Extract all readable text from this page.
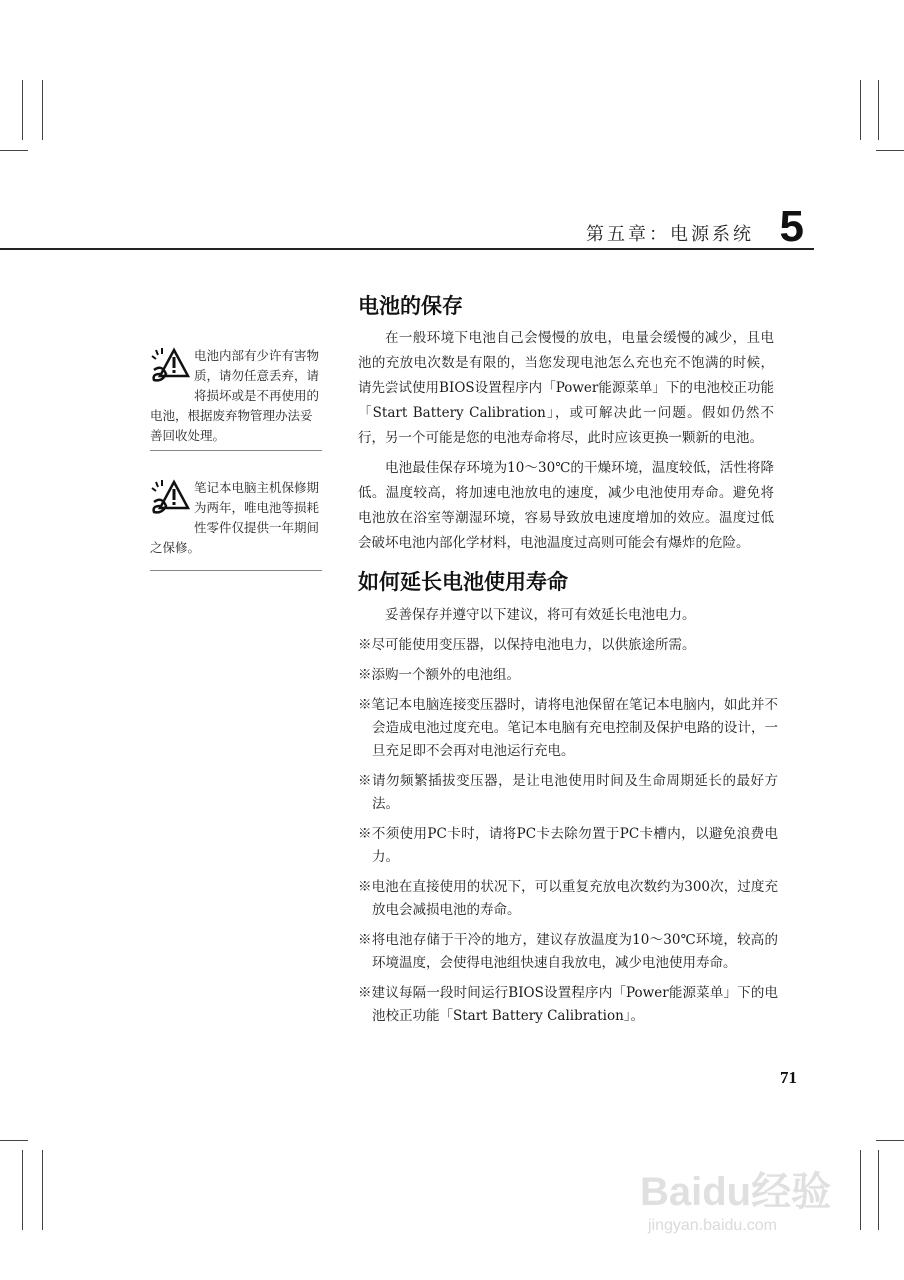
第五章：电源系统 5
电池内部有少许有害物质，请勿任意丢弃，请将损坏或是不再使用的电池，根据废弃物管理办法妥善回收处理。
笔记本电脑主机保修期为两年，唯电池等损耗性零件仅提供一年期间之保修。
电池的保存
在一般环境下电池自己会慢慢的放电，电量会缓慢的减少，且电池的充放电次数是有限的，当您发现电池怎么充也充不饱满的时候，请先尝试使用BIOS设置程序内「Power能源菜单」下的电池校正功能「Start Battery Calibration」，或可解决此一问题。假如仍然不行，另一个可能是您的电池寿命将尽，此时应该更换一颗新的电池。
电池最佳保存环境为10～30℃的干燥环境，温度较低，活性将降低。温度较高，将加速电池放电的速度，减少电池使用寿命。避免将电池放在浴室等潮湿环境，容易导致放电速度增加的效应。温度过低会破坏电池内部化学材料，电池温度过高则可能会有爆炸的危险。
如何延长电池使用寿命
妥善保存并遵守以下建议，将可有效延长电池电力。
※尽可能使用变压器，以保持电池电力，以供旅途所需。
※添购一个额外的电池组。
※笔记本电脑连接变压器时，请将电池保留在笔记本电脑内，如此并不会造成电池过度充电。笔记本电脑有充电控制及保护电路的设计，一旦充足即不会再对电池运行充电。
※请勿频繁插拔变压器，是让电池使用时间及生命周期延长的最好方法。
※不须使用PC卡时，请将PC卡去除勿置于PC卡槽内，以避免浪费电力。
※电池在直接使用的状况下，可以重复充放电次数约为300次，过度充放电会减损电池的寿命。
※将电池存储于干冷的地方，建议存放温度为10～30℃环境，较高的环境温度，会使得电池组快速自我放电，减少电池使用寿命。
※建议每隔一段时间运行BIOS设置程序内「Power能源菜单」下的电池校正功能「Start Battery Calibration」。
71
Baidu经验
jingyan.baidu.com
